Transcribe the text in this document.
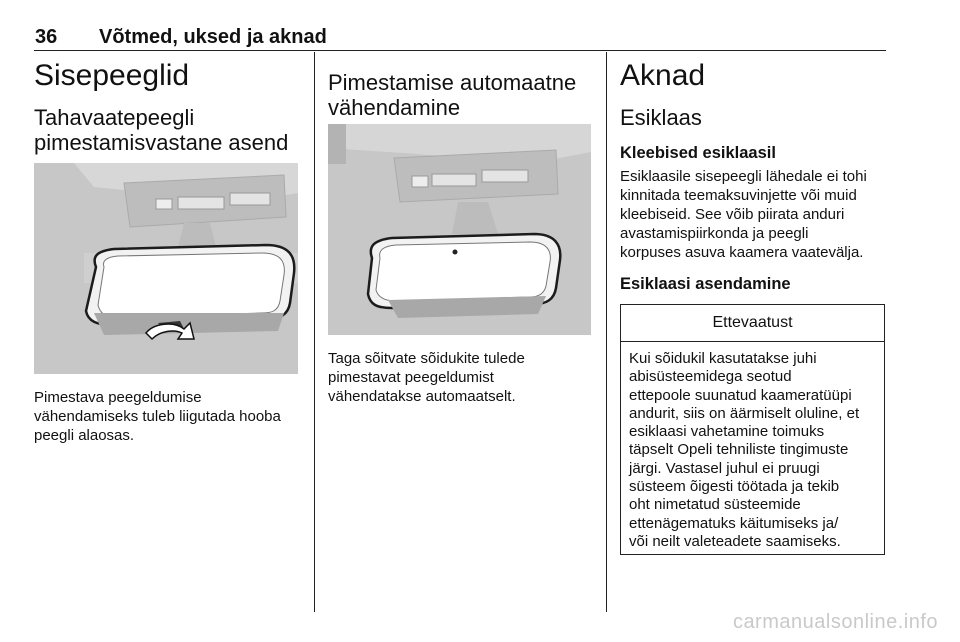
36 Võtmed, uksed ja aknad
Sisepeeglid
Tahavaatepeegli
pimestamisvastane asend
Pimestava peegeldumise
vähendamiseks tuleb liigutada hooba
peegli alaosas.
Pimestamise automaatne
vähendamine
Taga sõitvate sõidukite tulede
pimestavat peegeldumist
vähendatakse automaatselt.
Aknad
Esiklaas
Kleebised esiklaasil
Esiklaasile sisepeegli lähedale ei tohi
kinnitada teemaksuvinjette või muid
kleebiseid. See võib piirata anduri
avastamispiirkonda ja peegli
korpuses asuva kaamera vaatevälja.
Esiklaasi asendamine
Ettevaatust
Kui sõidukil kasutatakse juhi
abisüsteemidega seotud
ettepoole suunatud kaameratüüpi
andurit, siis on äärmiselt oluline, et
esiklaasi vahetamine toimuks
täpselt Opeli tehniliste tingimuste
järgi. Vastasel juhul ei pruugi
süsteem õigesti töötada ja tekib
oht nimetatud süsteemide
ettenägematuks käitumiseks ja/
või neilt valeteadete saamiseks.
carmanualsonline.info
